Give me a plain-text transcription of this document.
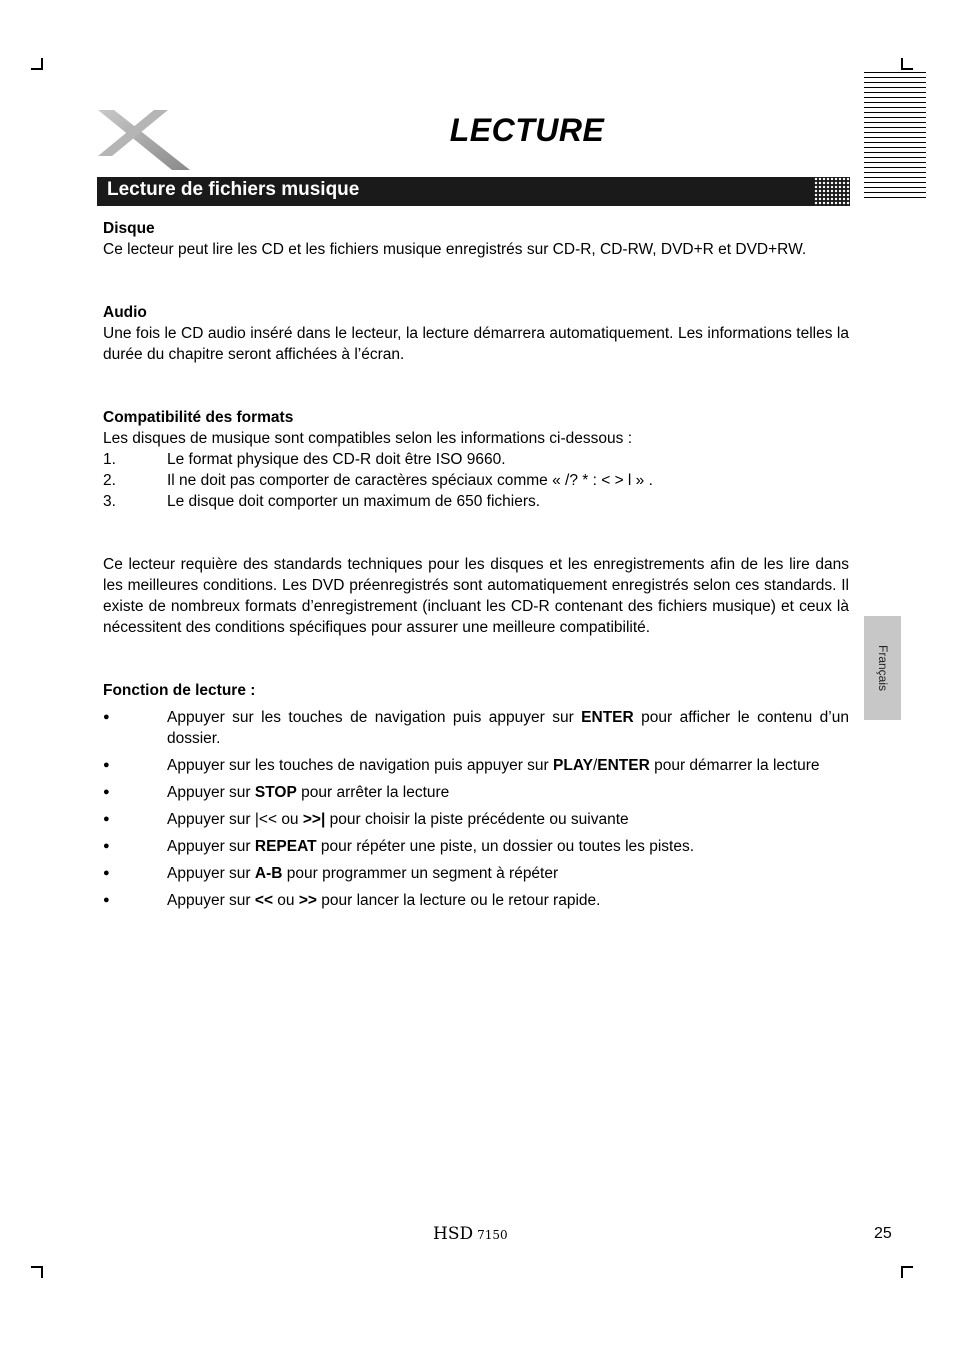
LECTURE
Lecture de fichiers musique

Disque

Ce lecteur peut lire les CD et les fichiers musique enregistrés sur CD-R, CD-RW, DVD+R et DVD+RW.

Audio

Une fois le CD audio inséré dans le lecteur, la lecture démarrera automatiquement. Les informations telles la durée du chapitre seront affichées à l’écran.

Compatibilité des formats

Les disques de musique sont compatibles selon les informations ci-dessous :

1.	Le format physique des CD-R doit être ISO 9660.
2.	Il ne doit pas comporter de caractères spéciaux comme « /? * : < > l » .
3.	Le disque doit comporter un maximum de 650 fichiers.

Ce lecteur requière des standards techniques pour les disques et les enregistrements afin de les lire dans les meilleures conditions. Les DVD préenregistrés sont automatiquement enregistrés selon ces standards. Il existe de nombreux formats d’enregistrement (incluant les CD-R contenant des fichiers musique) et ceux là nécessitent des conditions spécifiques pour assurer une meilleure compatibilité.

Fonction de lecture :

●	Appuyer sur les touches de navigation puis appuyer sur ENTER pour afficher le contenu d’un dossier.
●	Appuyer sur les touches de navigation puis appuyer sur PLAY/ENTER pour démarrer la lecture
●	Appuyer sur STOP pour arrêter la lecture
●	Appuyer sur |<< ou >>| pour choisir la piste précédente ou suivante
●	Appuyer sur REPEAT pour répéter une piste, un dossier ou toutes les pistes.
●	Appuyer sur A-B pour programmer un segment à répéter
●	Appuyer sur << ou >> pour lancer la lecture ou le retour rapide.
Français
HSD 7150	25
